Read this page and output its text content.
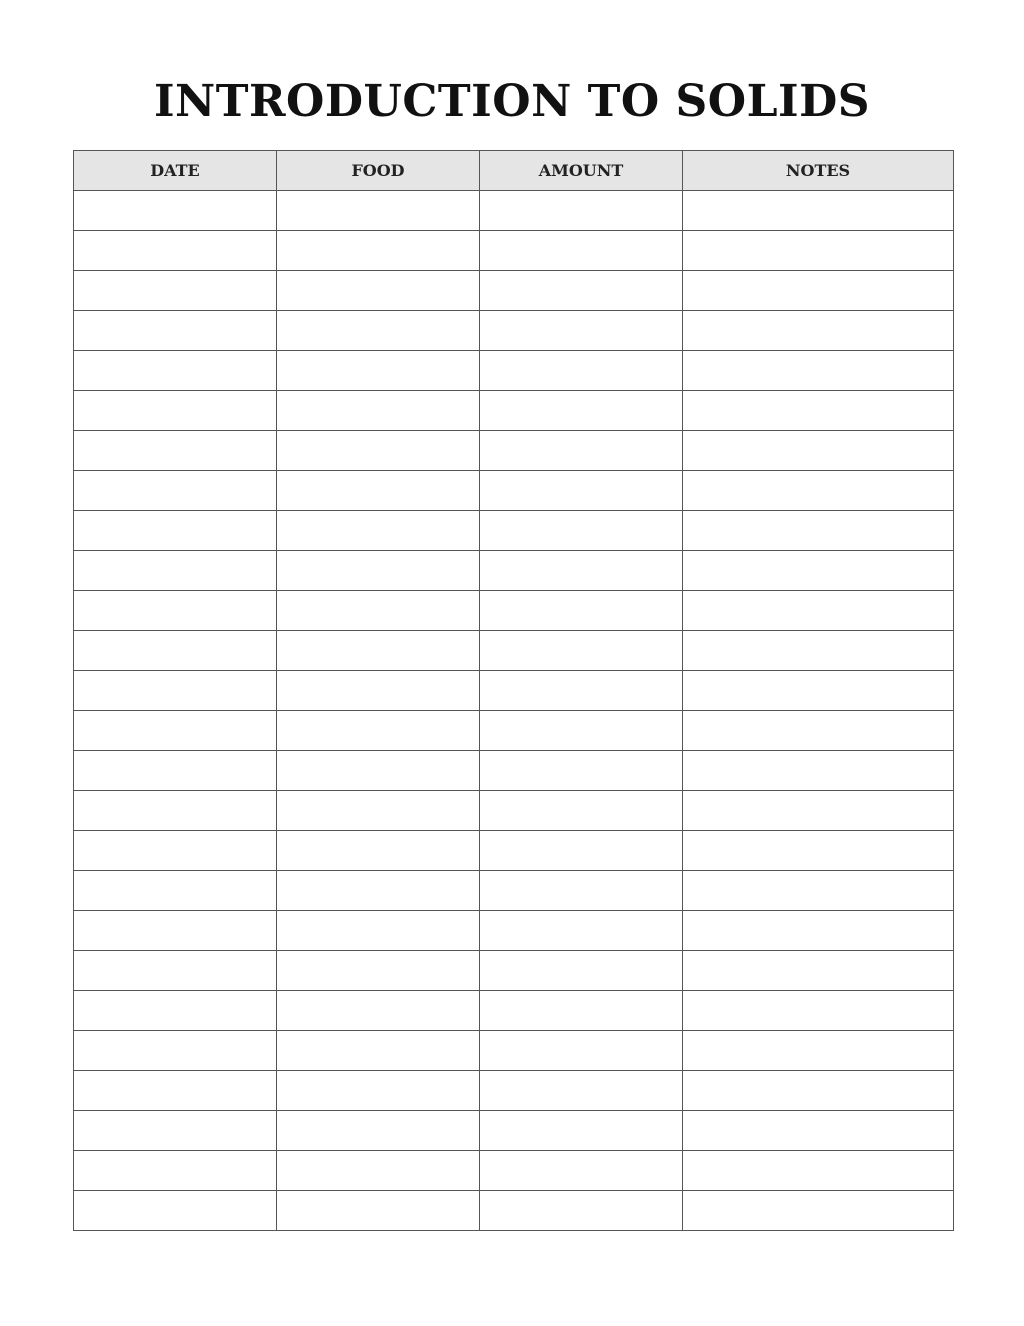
INTRODUCTION TO SOLIDS
DATE	FOOD	AMOUNT	NOTES
